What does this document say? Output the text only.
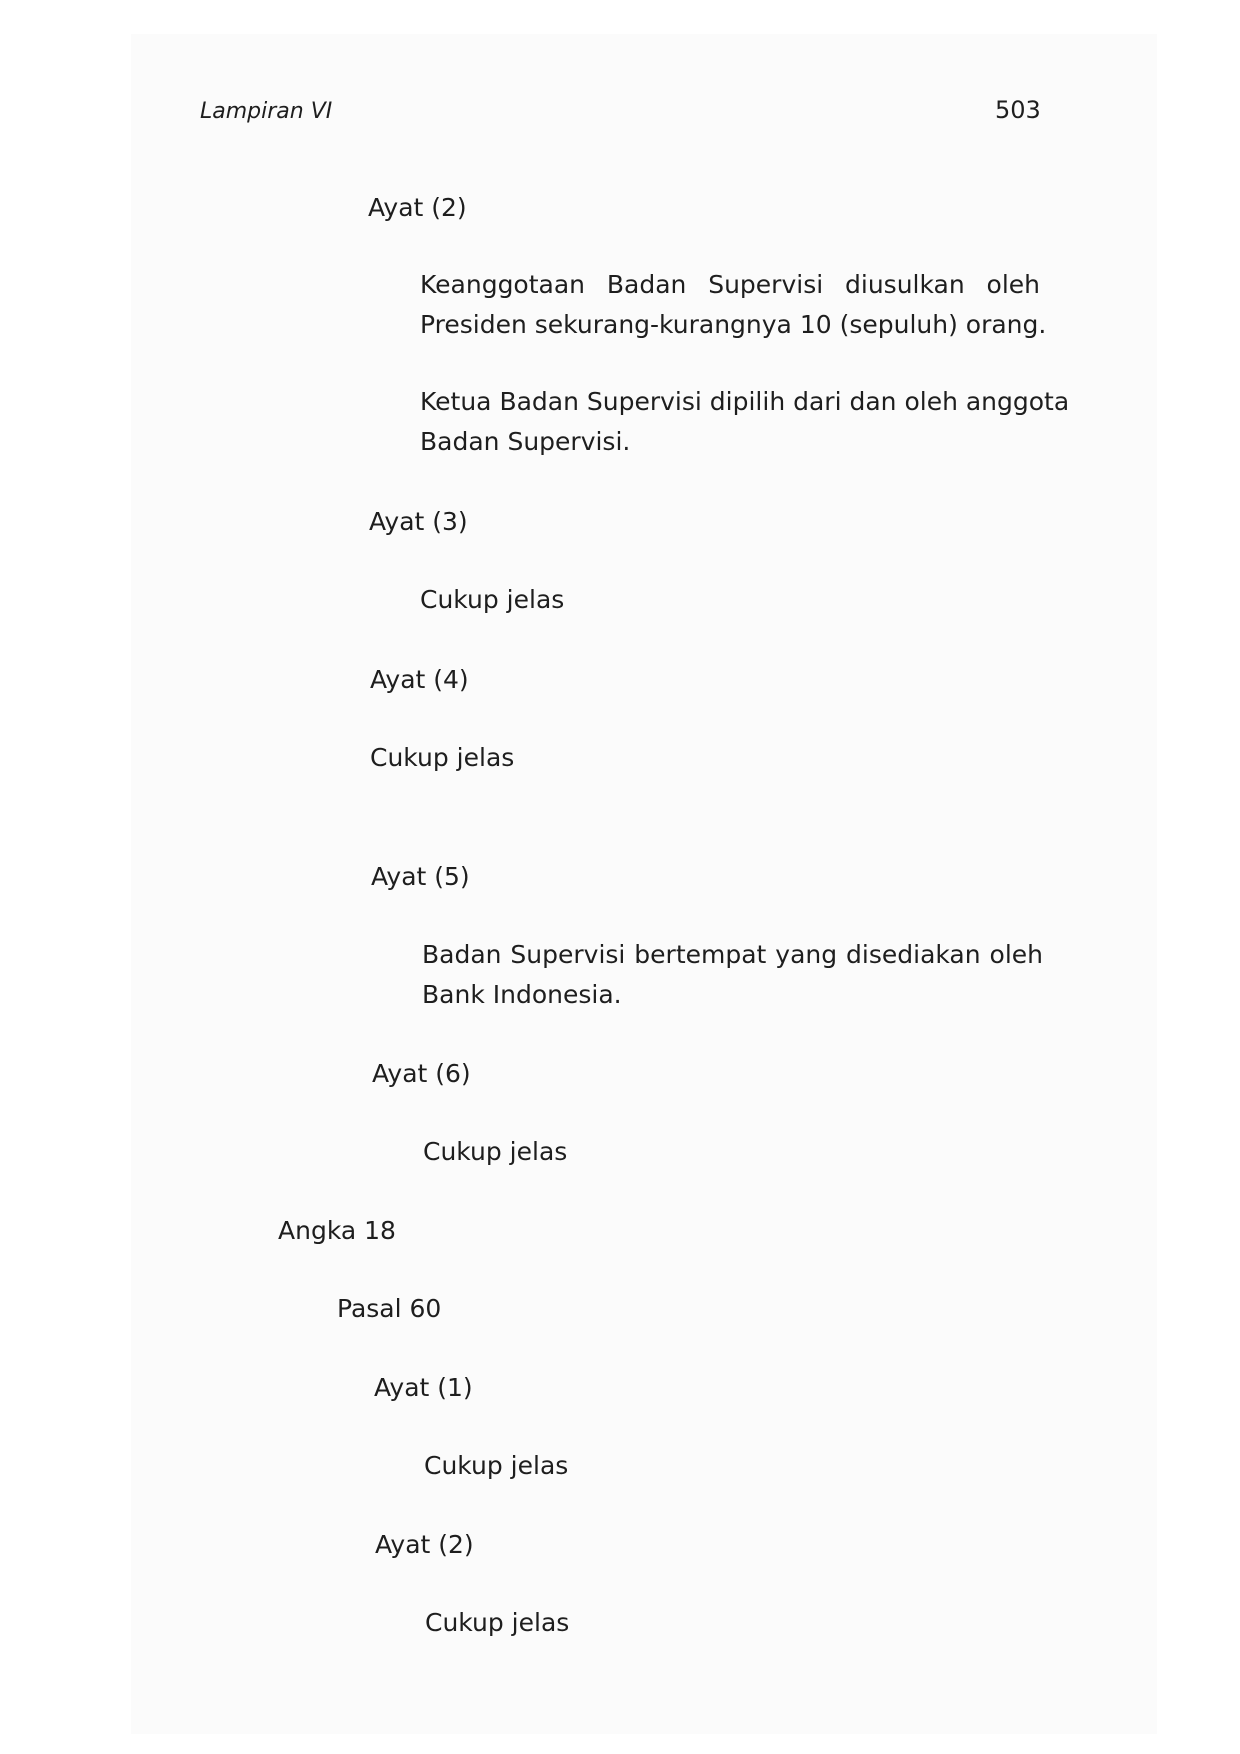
Lampiran VI	503
Ayat (2)
Keanggotaan Badan Supervisi diusulkan oleh
Presiden sekurang-kurangnya 10 (sepuluh) orang.
Ketua Badan Supervisi dipilih dari dan oleh anggota
Badan Supervisi.
Ayat (3)
Cukup jelas
Ayat (4)
Cukup jelas
Ayat (5)
Badan Supervisi bertempat yang disediakan oleh
Bank Indonesia.
Ayat (6)
Cukup jelas
Angka 18
Pasal 60
Ayat (1)
Cukup jelas
Ayat (2)
Cukup jelas
